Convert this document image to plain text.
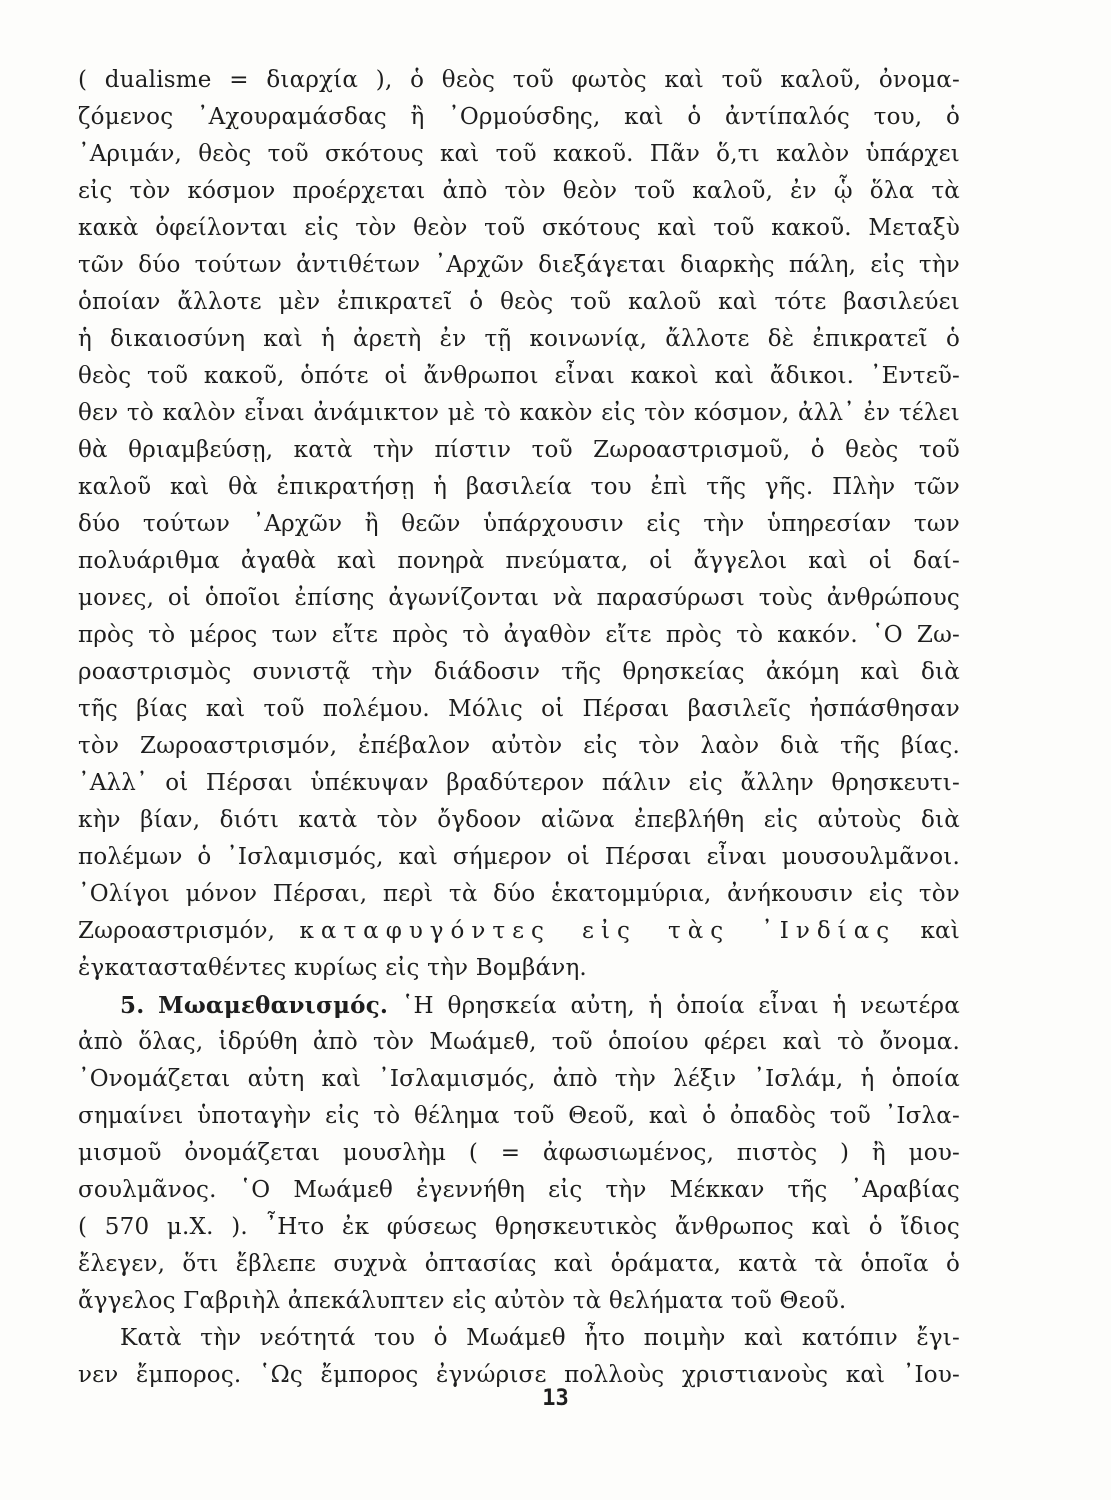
( dualisme = διαρχία ), ὁ θεὸς τοῦ φωτὸς καὶ τοῦ καλοῦ, ὀνομα-
ζόμενος ᾿Αχουραμάσδας ἢ ᾿Ορμούσδης, καὶ ὁ ἀντίπαλός του, ὁ
᾿Αριμάν, θεὸς τοῦ σκότους καὶ τοῦ κακοῦ. Πᾶν ὅ,τι καλὸν ὑπάρχει
εἰς τὸν κόσμον προέρχεται ἀπὸ τὸν θεὸν τοῦ καλοῦ, ἐν ᾧ ὅλα τὰ
κακὰ ὀφείλονται εἰς τὸν θεὸν τοῦ σκότους καὶ τοῦ κακοῦ. Μεταξὺ
τῶν δύο τούτων ἀντιθέτων ᾿Αρχῶν διεξάγεται διαρκὴς πάλη, εἰς τὴν
ὁποίαν ἄλλοτε μὲν ἐπικρατεῖ ὁ θεὸς τοῦ καλοῦ καὶ τότε βασιλεύει
ἡ δικαιοσύνη καὶ ἡ ἀρετὴ ἐν τῇ κοινωνίᾳ, ἄλλοτε δὲ ἐπικρατεῖ ὁ
θεὸς τοῦ κακοῦ, ὁπότε οἱ ἄνθρωποι εἶναι κακοὶ καὶ ἄδικοι. ᾿Εντεῦ-
θεν τὸ καλὸν εἶναι ἀνάμικτον μὲ τὸ κακὸν εἰς τὸν κόσμον, ἀλλ᾿ ἐν τέλει
θὰ θριαμβεύσῃ, κατὰ τὴν πίστιν τοῦ Ζωροαστρισμοῦ, ὁ θεὸς τοῦ
καλοῦ καὶ θὰ ἐπικρατήσῃ ἡ βασιλεία του ἐπὶ τῆς γῆς. Πλὴν τῶν
δύο τούτων ᾿Αρχῶν ἢ θεῶν ὑπάρχουσιν εἰς τὴν ὑπηρεσίαν των
πολυάριθμα ἀγαθὰ καὶ πονηρὰ πνεύματα, οἱ ἄγγελοι καὶ οἱ δαί-
μονες, οἱ ὁποῖοι ἐπίσης ἀγωνίζονται νὰ παρασύρωσι τοὺς ἀνθρώπους
πρὸς τὸ μέρος των εἴτε πρὸς τὸ ἀγαθὸν εἴτε πρὸς τὸ κακόν. ῾Ο Ζω-
ροαστρισμὸς συνιστᾷ τὴν διάδοσιν τῆς θρησκείας ἀκόμη καὶ διὰ
τῆς βίας καὶ τοῦ πολέμου. Μόλις οἱ Πέρσαι βασιλεῖς ἠσπάσθησαν
τὸν Ζωροαστρισμόν, ἐπέβαλον αὐτὸν εἰς τὸν λαὸν διὰ τῆς βίας.
᾿Αλλ᾿ οἱ Πέρσαι ὑπέκυψαν βραδύτερον πάλιν εἰς ἄλλην θρησκευτι-
κὴν βίαν, διότι κατὰ τὸν ὄγδοον αἰῶνα ἐπεβλήθη εἰς αὐτοὺς διὰ
πολέμων ὁ ᾿Ισλαμισμός, καὶ σήμερον οἱ Πέρσαι εἶναι μουσουλμᾶνοι.
᾿Ολίγοι μόνον Πέρσαι, περὶ τὰ δύο ἑκατομμύρια, ἀνήκουσιν εἰς τὸν
Ζωροαστρισμόν, καταφυγόντες εἰς τὰς ᾿Ινδίας καὶ
ἐγκατασταθέντες κυρίως εἰς τὴν Βομβάνη.
5. Μωαμεθανισμός. ῾Η θρησκεία αὐτη, ἡ ὁποία εἶναι ἡ νεωτέρα
ἀπὸ ὅλας, ἱδρύθη ἀπὸ τὸν Μωάμεθ, τοῦ ὁποίου φέρει καὶ τὸ ὄνομα.
᾿Ονομάζεται αὐτη καὶ ᾿Ισλαμισμός, ἀπὸ τὴν λέξιν ᾿Ισλάμ, ἡ ὁποία
σημαίνει ὑποταγὴν εἰς τὸ θέλημα τοῦ Θεοῦ, καὶ ὁ ὀπαδὸς τοῦ ᾿Ισλα-
μισμοῦ ὀνομάζεται μουσλὴμ ( = ἀφωσιωμένος, πιστὸς ) ἢ μου-
σουλμᾶνος. ῾Ο Μωάμεθ ἐγεννήθη εἰς τὴν Μέκκαν τῆς ᾿Αραβίας
( 570 μ.Χ. ). ῏Ητο ἐκ φύσεως θρησκευτικὸς ἄνθρωπος καὶ ὁ ἴδιος
ἔλεγεν, ὅτι ἔβλεπε συχνὰ ὀπτασίας καὶ ὁράματα, κατὰ τὰ ὁποῖα ὁ
ἄγγελος Γαβριὴλ ἀπεκάλυπτεν εἰς αὐτὸν τὰ θελήματα τοῦ Θεοῦ.
Κατὰ τὴν νεότητά του ὁ Μωάμεθ ἦτο ποιμὴν καὶ κατόπιν ἔγι-
νεν ἔμπορος. ῾Ως ἔμπορος ἐγνώρισε πολλοὺς χριστιανοὺς καὶ ᾿Ιου-
13
